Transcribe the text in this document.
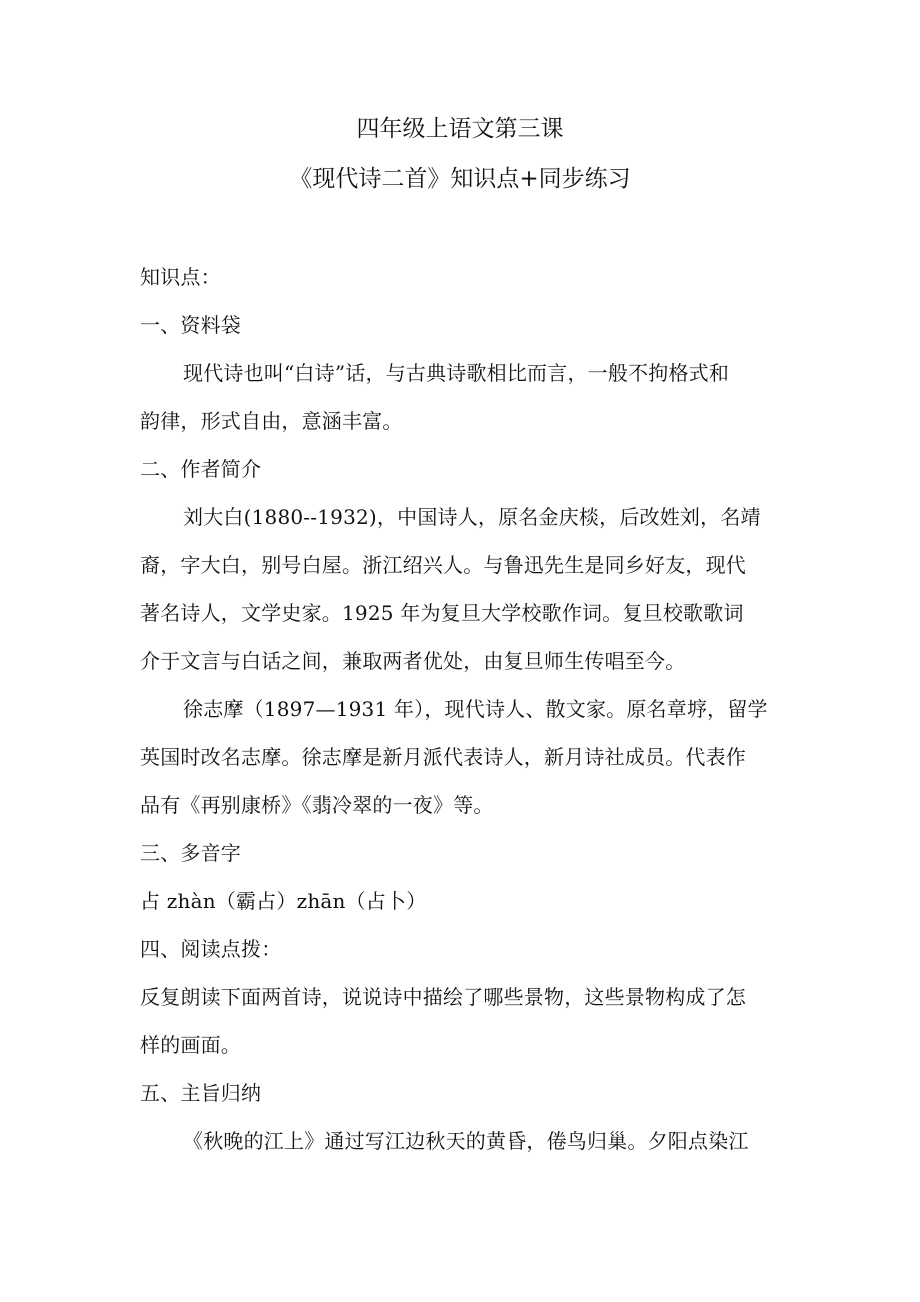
四年级上语文第三课
《现代诗二首》知识点+同步练习
知识点：
一、资料袋
现代诗也叫“白诗”话，与古典诗歌相比而言，一般不拘格式和
韵律，形式自由，意涵丰富。
二、作者简介
刘大白(1880--1932)，中国诗人，原名金庆棪，后改姓刘，名靖
裔，字大白，别号白屋。浙江绍兴人。与鲁迅先生是同乡好友，现代
著名诗人，文学史家。1925 年为复旦大学校歌作词。复旦校歌歌词
介于文言与白话之间，兼取两者优处，由复旦师生传唱至今。
徐志摩（1897—1931 年），现代诗人、散文家。原名章垿，留学
英国时改名志摩。徐志摩是新月派代表诗人，新月诗社成员。代表作
品有《再别康桥》《翡冷翠的一夜》等。
三、多音字
占 zhàn（霸占）zhān（占卜）
四、阅读点拨：
反复朗读下面两首诗，说说诗中描绘了哪些景物，这些景物构成了怎
样的画面。
五、主旨归纳
《秋晚的江上》通过写江边秋天的黄昏，倦鸟归巢。夕阳点染江
